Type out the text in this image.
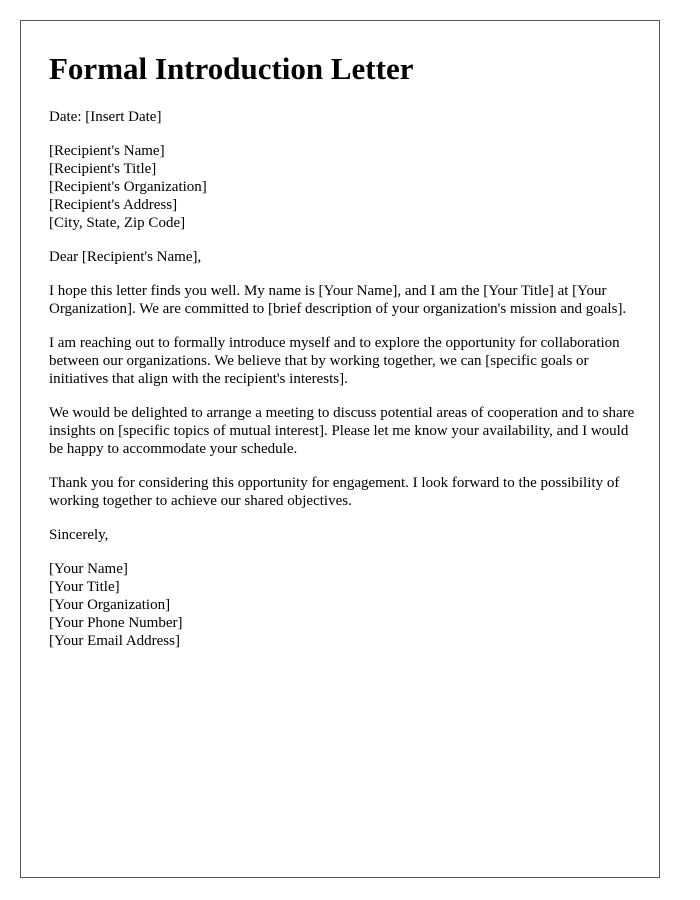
Formal Introduction Letter
Date: [Insert Date]
[Recipient's Name]
[Recipient's Title]
[Recipient's Organization]
[Recipient's Address]
[City, State, Zip Code]
Dear [Recipient's Name],
I hope this letter finds you well. My name is [Your Name], and I am the [Your Title] at [Your Organization]. We are committed to [brief description of your organization's mission and goals].
I am reaching out to formally introduce myself and to explore the opportunity for collaboration between our organizations. We believe that by working together, we can [specific goals or initiatives that align with the recipient's interests].
We would be delighted to arrange a meeting to discuss potential areas of cooperation and to share insights on [specific topics of mutual interest]. Please let me know your availability, and I would be happy to accommodate your schedule.
Thank you for considering this opportunity for engagement. I look forward to the possibility of working together to achieve our shared objectives.
Sincerely,
[Your Name]
[Your Title]
[Your Organization]
[Your Phone Number]
[Your Email Address]
